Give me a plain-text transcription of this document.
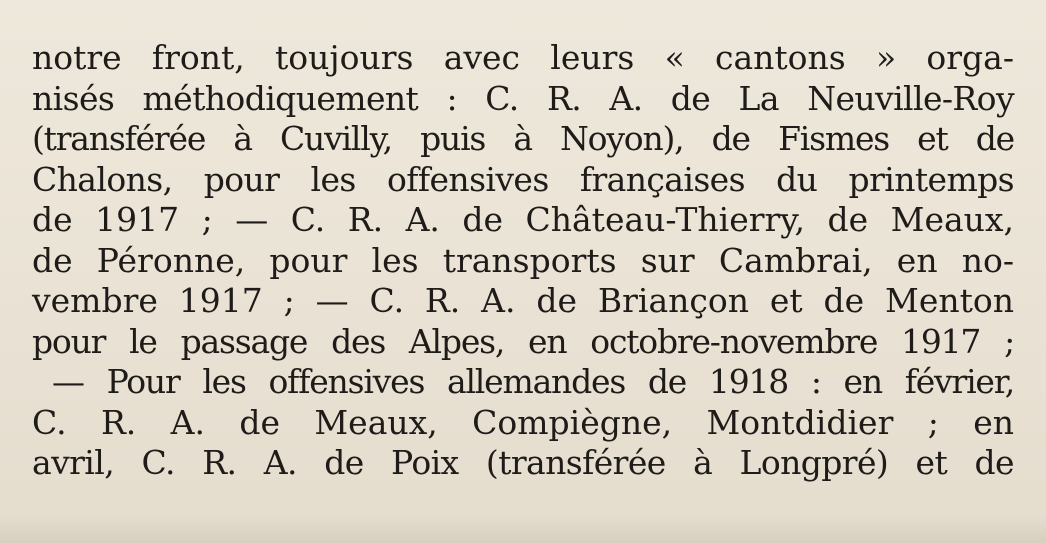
notre front, toujours avec leurs « cantons » orga-
nisés méthodiquement : C. R. A. de La Neuville-Roy
(transférée à Cuvilly, puis à Noyon), de Fismes et de
Chalons, pour les offensives françaises du printemps
de 1917 ; — C. R. A. de Château-Thierry, de Meaux,
de Péronne, pour les transports sur Cambrai, en no-
vembre 1917 ; — C. R. A. de Briançon et de Menton
pour le passage des Alpes, en octobre-novembre 1917 ;
— Pour les offensives allemandes de 1918 : en février,
C. R. A. de Meaux, Compiègne, Montdidier ; en
avril, C. R. A. de Poix (transférée à Longpré) et de
